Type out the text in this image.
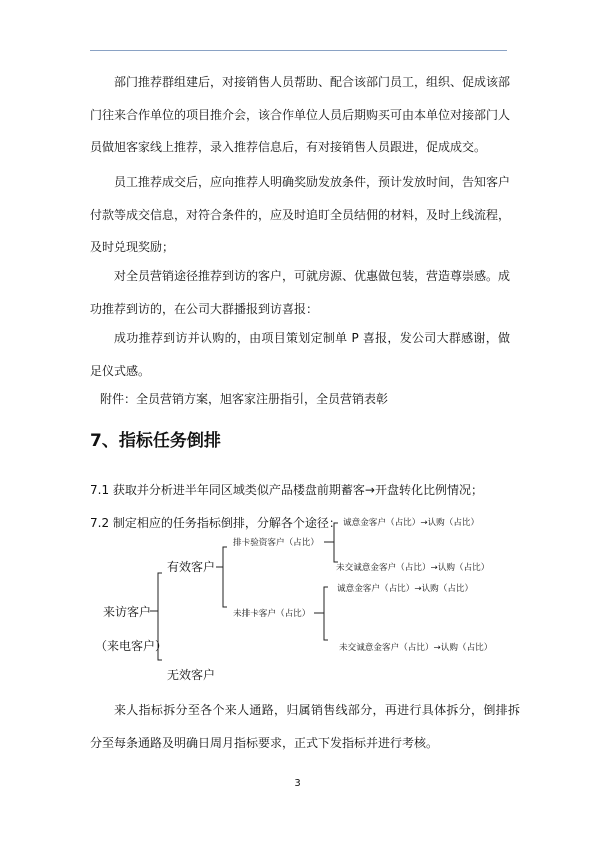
部门推荐群组建后，对接销售人员帮助、配合该部门员工，组织、促成该部门往来合作单位的项目推介会，该合作单位人员后期购买可由本单位对接部门人员做旭客家线上推荐，录入推荐信息后，有对接销售人员跟进，促成成交。

员工推荐成交后，应向推荐人明确奖励发放条件，预计发放时间，告知客户付款等成交信息，对符合条件的，应及时追盯全员结佣的材料，及时上线流程，及时兑现奖励；

对全员营销途径推荐到访的客户，可就房源、优惠做包装，营造尊崇感。成功推荐到访的，在公司大群播报到访喜报：

成功推荐到访并认购的，由项目策划定制单 P 喜报，发公司大群感谢，做足仪式感。

附件：全员营销方案，旭客家注册指引，全员营销表彰
7、指标任务倒排
7.1 获取并分析进半年同区域类似产品楼盘前期蓄客→开盘转化比例情况；
7.2 制定相应的任务指标倒排，分解各个途径：
来访客户
（来电客户）
有效客户
无效客户
排卡验资客户（占比）
未排卡客户（占比）
诚意金客户（占比）→认购（占比）
未交诚意金客户（占比）→认购（占比）
诚意金客户（占比）→认购（占比）
未交诚意金客户（占比）→认购（占比）

来人指标拆分至各个来人通路，归属销售线部分，再进行具体拆分，倒排拆分至每条通路及明确日周月指标要求，正式下发指标并进行考核。

3
